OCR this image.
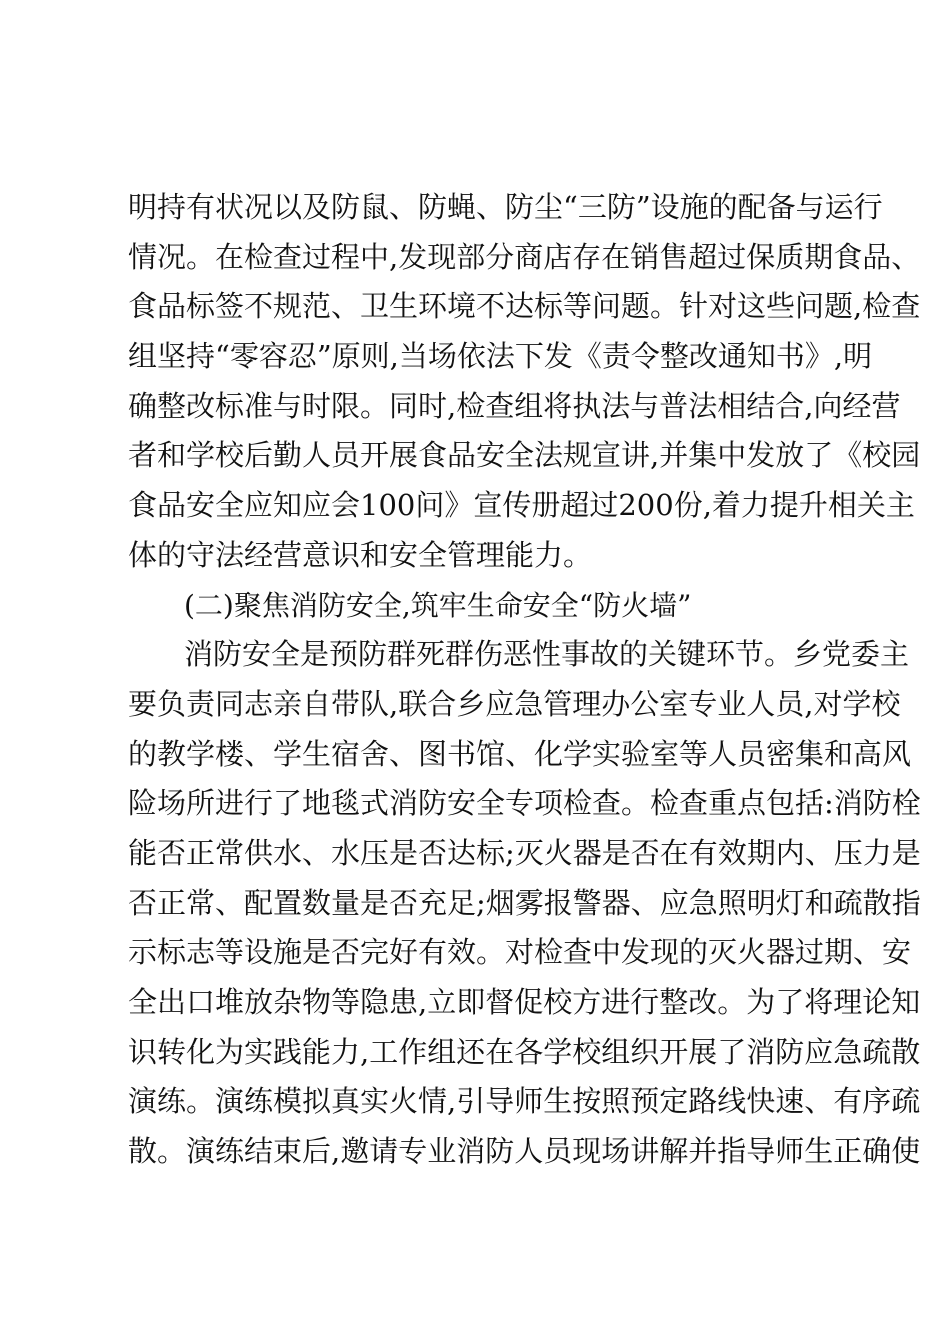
明持有状况以及防鼠、防蝇、防尘“三防”设施的配备与运行
情况。在检查过程中,发现部分商店存在销售超过保质期食品、
食品标签不规范、卫生环境不达标等问题。针对这些问题,检查
组坚持“零容忍”原则,当场依法下发《责令整改通知书》,明
确整改标准与时限。同时,检查组将执法与普法相结合,向经营
者和学校后勤人员开展食品安全法规宣讲,并集中发放了《校园
食品安全应知应会100问》宣传册超过200份,着力提升相关主
体的守法经营意识和安全管理能力。
(二)聚焦消防安全,筑牢生命安全“防火墙”
消防安全是预防群死群伤恶性事故的关键环节。乡党委主
要负责同志亲自带队,联合乡应急管理办公室专业人员,对学校
的教学楼、学生宿舍、图书馆、化学实验室等人员密集和高风
险场所进行了地毯式消防安全专项检查。检查重点包括:消防栓
能否正常供水、水压是否达标;灭火器是否在有效期内、压力是
否正常、配置数量是否充足;烟雾报警器、应急照明灯和疏散指
示标志等设施是否完好有效。对检查中发现的灭火器过期、安
全出口堆放杂物等隐患,立即督促校方进行整改。为了将理论知
识转化为实践能力,工作组还在各学校组织开展了消防应急疏散
演练。演练模拟真实火情,引导师生按照预定路线快速、有序疏
散。演练结束后,邀请专业消防人员现场讲解并指导师生正确使
